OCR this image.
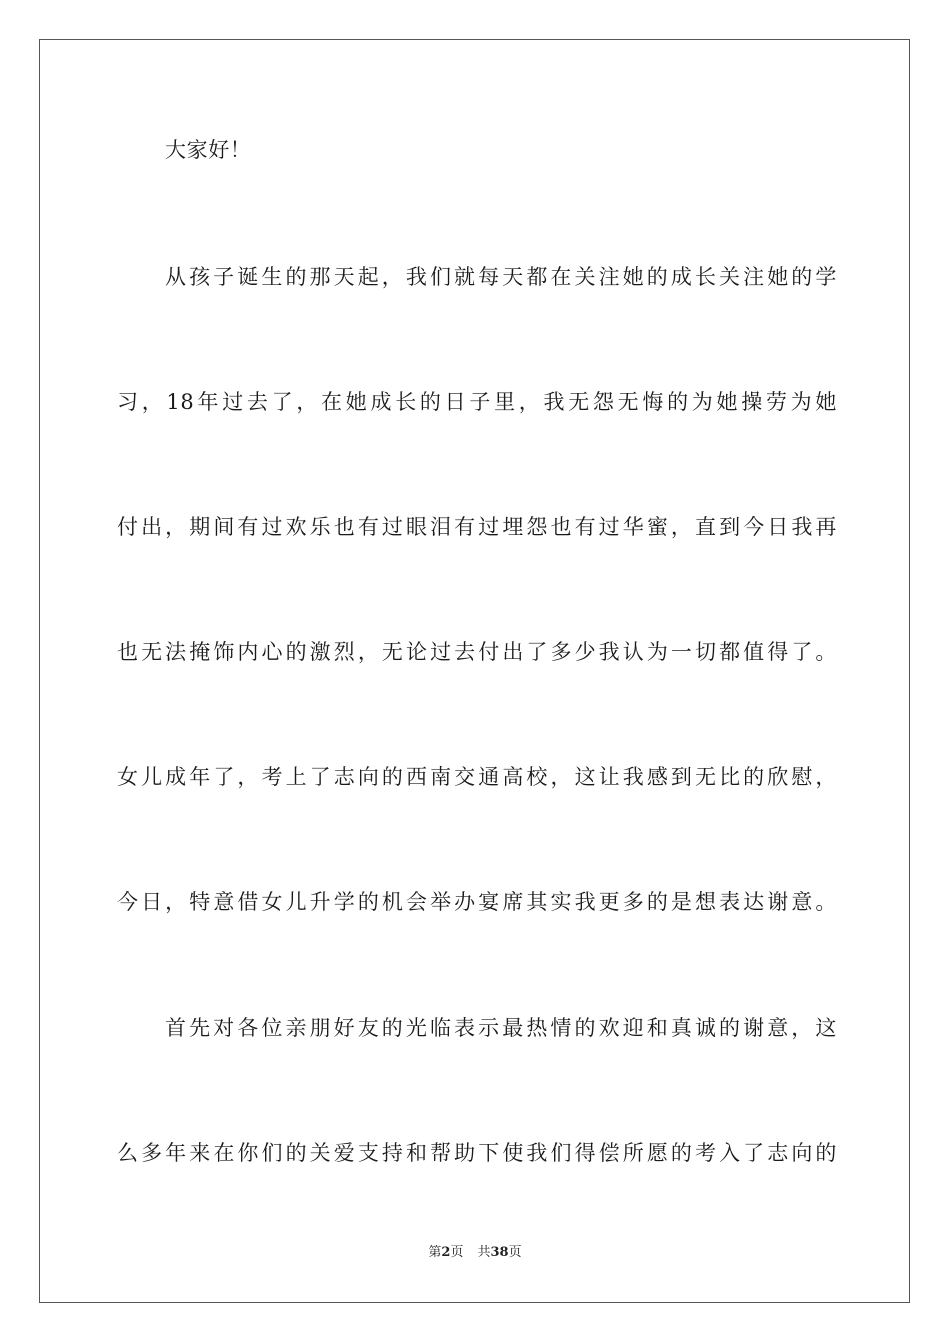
大家好！
从孩子诞生的那天起，我们就每天都在关注她的成长关注她的学
习，18年过去了，在她成长的日子里，我无怨无悔的为她操劳为她
付出，期间有过欢乐也有过眼泪有过埋怨也有过华蜜，直到今日我再
也无法掩饰内心的激烈，无论过去付出了多少我认为一切都值得了。
女儿成年了，考上了志向的西南交通高校，这让我感到无比的欣慰，
今日，特意借女儿升学的机会举办宴席其实我更多的是想表达谢意。
首先对各位亲朋好友的光临表示最热情的欢迎和真诚的谢意，这
么多年来在你们的关爱支持和帮助下使我们得偿所愿的考入了志向的
第2页 共38页
